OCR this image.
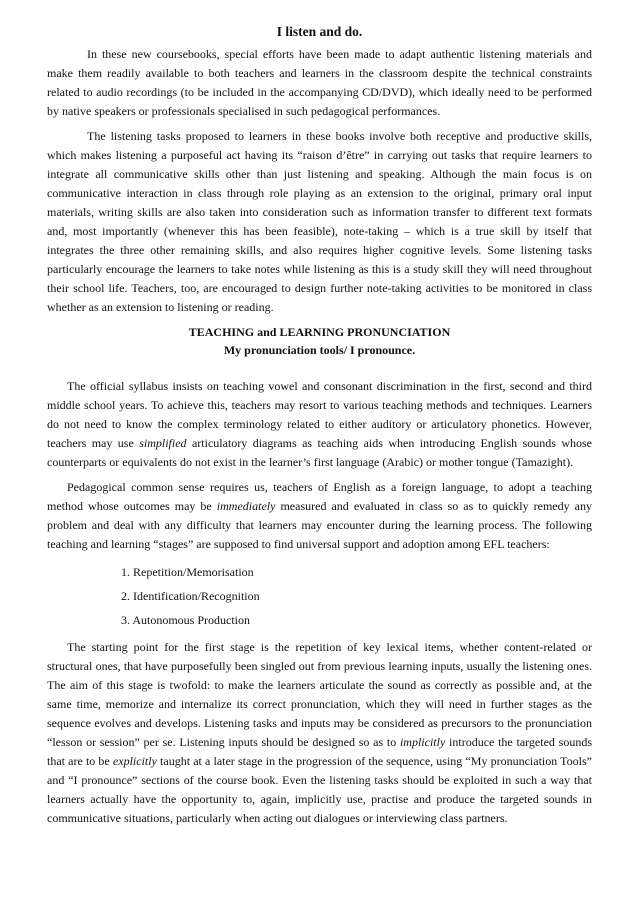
I listen and do.

In these new coursebooks, special efforts have been made to adapt authentic listening materials and make them readily available to both teachers and learners in the classroom despite the technical constraints related to audio recordings (to be included in the accompanying CD/DVD), which ideally need to be performed by native speakers or professionals specialised in such pedagogical performances.

The listening tasks proposed to learners in these books involve both receptive and productive skills, which makes listening a purposeful act having its “raison d’être” in carrying out tasks that require learners to integrate all communicative skills other than just listening and speaking. Although the main focus is on communicative interaction in class through role playing as an extension to the original, primary oral input materials, writing skills are also taken into consideration such as information transfer to different text formats and, most importantly (whenever this has been feasible), note-taking – which is a true skill by itself that integrates the three other remaining skills, and also requires higher cognitive levels. Some listening tasks particularly encourage the learners to take notes while listening as this is a study skill they will need throughout their school life. Teachers, too, are encouraged to design further note-taking activities to be monitored in class whether as an extension to listening or reading.

TEACHING and LEARNING PRONUNCIATION
My pronunciation tools/ I pronounce.

The official syllabus insists on teaching vowel and consonant discrimination in the first, second and third middle school years. To achieve this, teachers may resort to various teaching methods and techniques. Learners do not need to know the complex terminology related to either auditory or articulatory phonetics. However, teachers may use simplified articulatory diagrams as teaching aids when introducing English sounds whose counterparts or equivalents do not exist in the learner’s first language (Arabic) or mother tongue (Tamazight).

Pedagogical common sense requires us, teachers of English as a foreign language, to adopt a teaching method whose outcomes may be immediately measured and evaluated in class so as to quickly remedy any problem and deal with any difficulty that learners may encounter during the learning process. The following teaching and learning “stages” are supposed to find universal support and adoption among EFL teachers:

1. Repetition/Memorisation
2. Identification/Recognition
3. Autonomous Production

The starting point for the first stage is the repetition of key lexical items, whether content-related or structural ones, that have purposefully been singled out from previous learning inputs, usually the listening ones. The aim of this stage is twofold: to make the learners articulate the sound as correctly as possible and, at the same time, memorize and internalize its correct pronunciation, which they will need in further stages as the sequence evolves and develops. Listening tasks and inputs may be considered as precursors to the pronunciation “lesson or session” per se. Listening inputs should be designed so as to implicitly introduce the targeted sounds that are to be explicitly taught at a later stage in the progression of the sequence, using “My pronunciation Tools” and “I pronounce” sections of the course book. Even the listening tasks should be exploited in such a way that learners actually have the opportunity to, again, implicitly use, practise and produce the targeted sounds in communicative situations, particularly when acting out dialogues or interviewing class partners.
